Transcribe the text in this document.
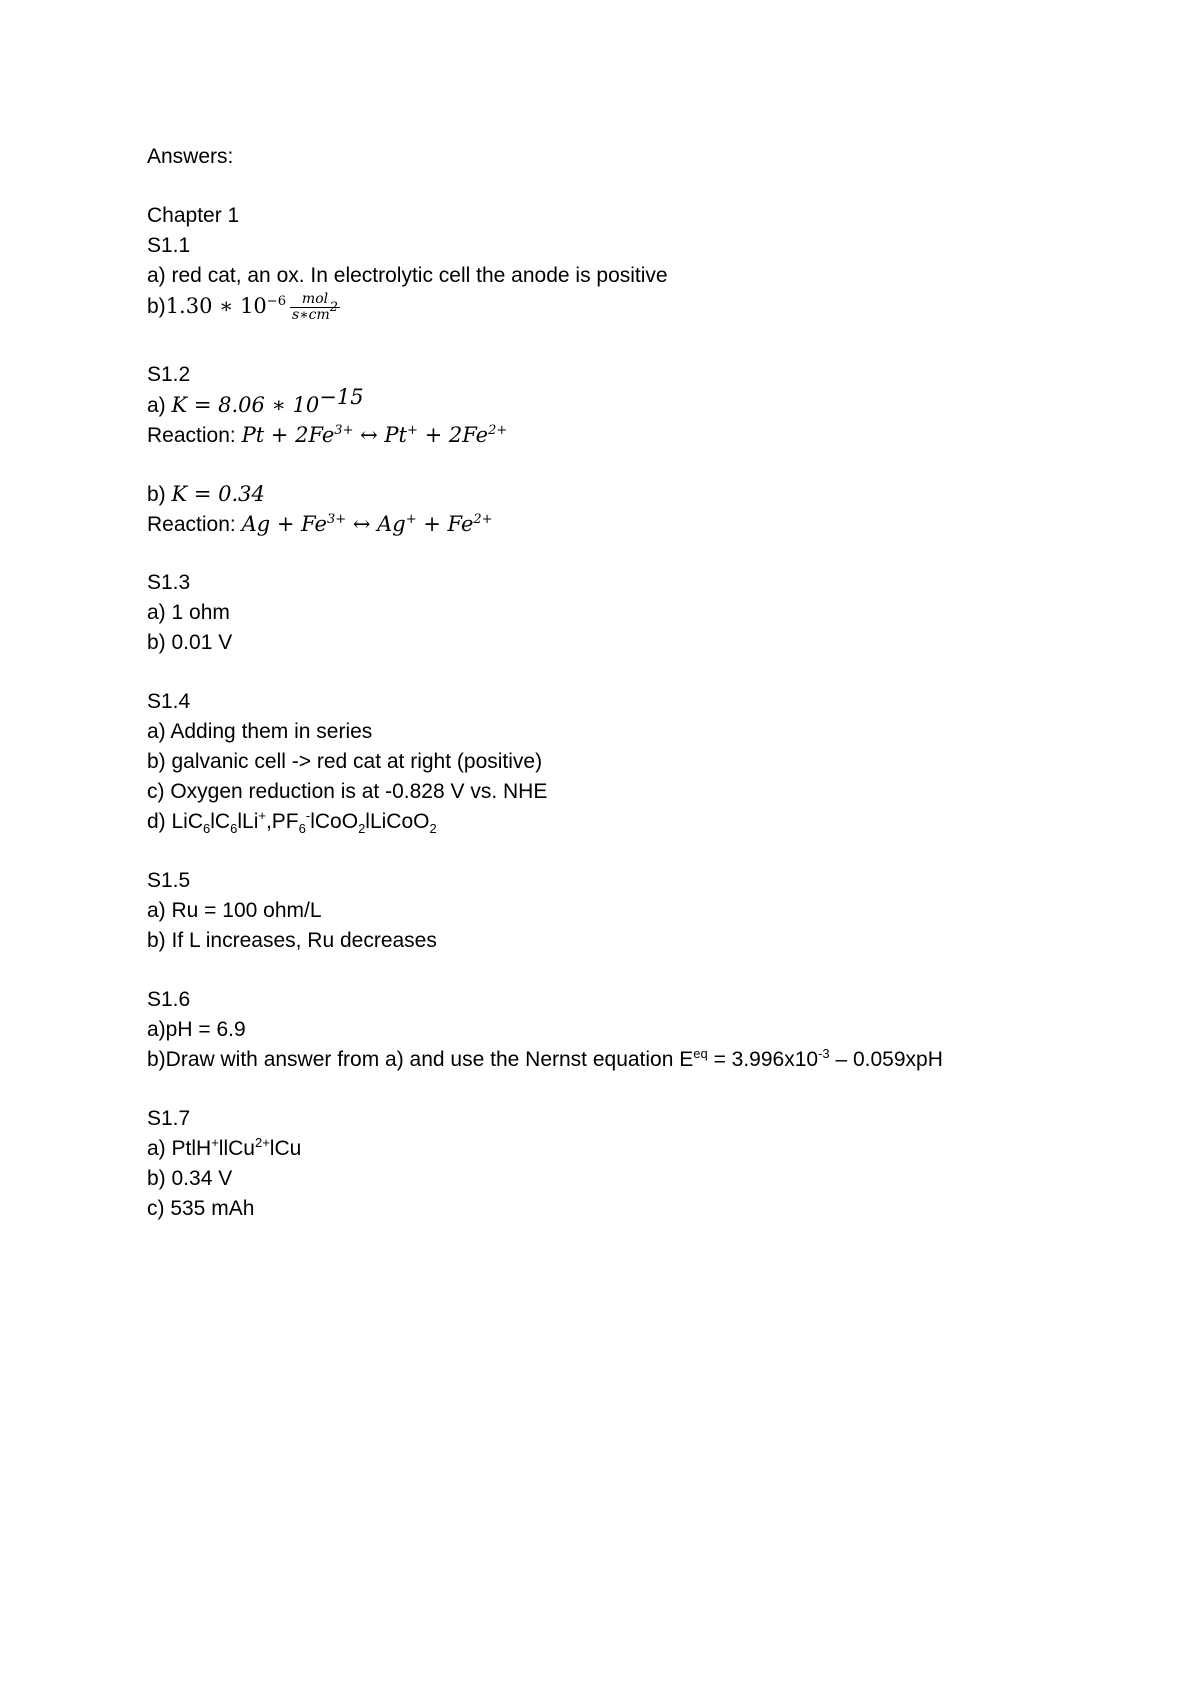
Answers:
Chapter 1
S1.1
a) red cat, an ox. In electrolytic cell the anode is positive
b)1.30 ∗ $10^{-6} \frac{\text{mol}}{s∗cm^2}$
S1.2
a) K = 8.06 ∗ $10^{-15}$
Reaction: $Pt + 2Fe^{3+}$ ↔ $Pt^+ + 2Fe^{2+}$
b) K = 0.34
Reaction: $Ag + Fe^{3+}$ ↔ $Ag^+ + Fe^{2+}$
S1.3
a) 1 ohm
b) 0.01 V
S1.4
a) Adding them in series
b) galvanic cell -> red cat at right (positive)
c) Oxygen reduction is at -0.828 V vs. NHE
d) $LiC_6lC_6lLi^+,PF_6^-lCoO_2lLiCoO_2$
S1.5
a) Ru = 100 ohm/L
b) If L increases, Ru decreases
S1.6
a)pH = 6.9
b)Draw with answer from a) and use the Nernst equation $E^{eq} = 3.996x10^{-3} - 0.059xpH$
S1.7
a) PtlH+llCu$^{2+}$lCu
b) 0.34 V
c) 535 mAh
